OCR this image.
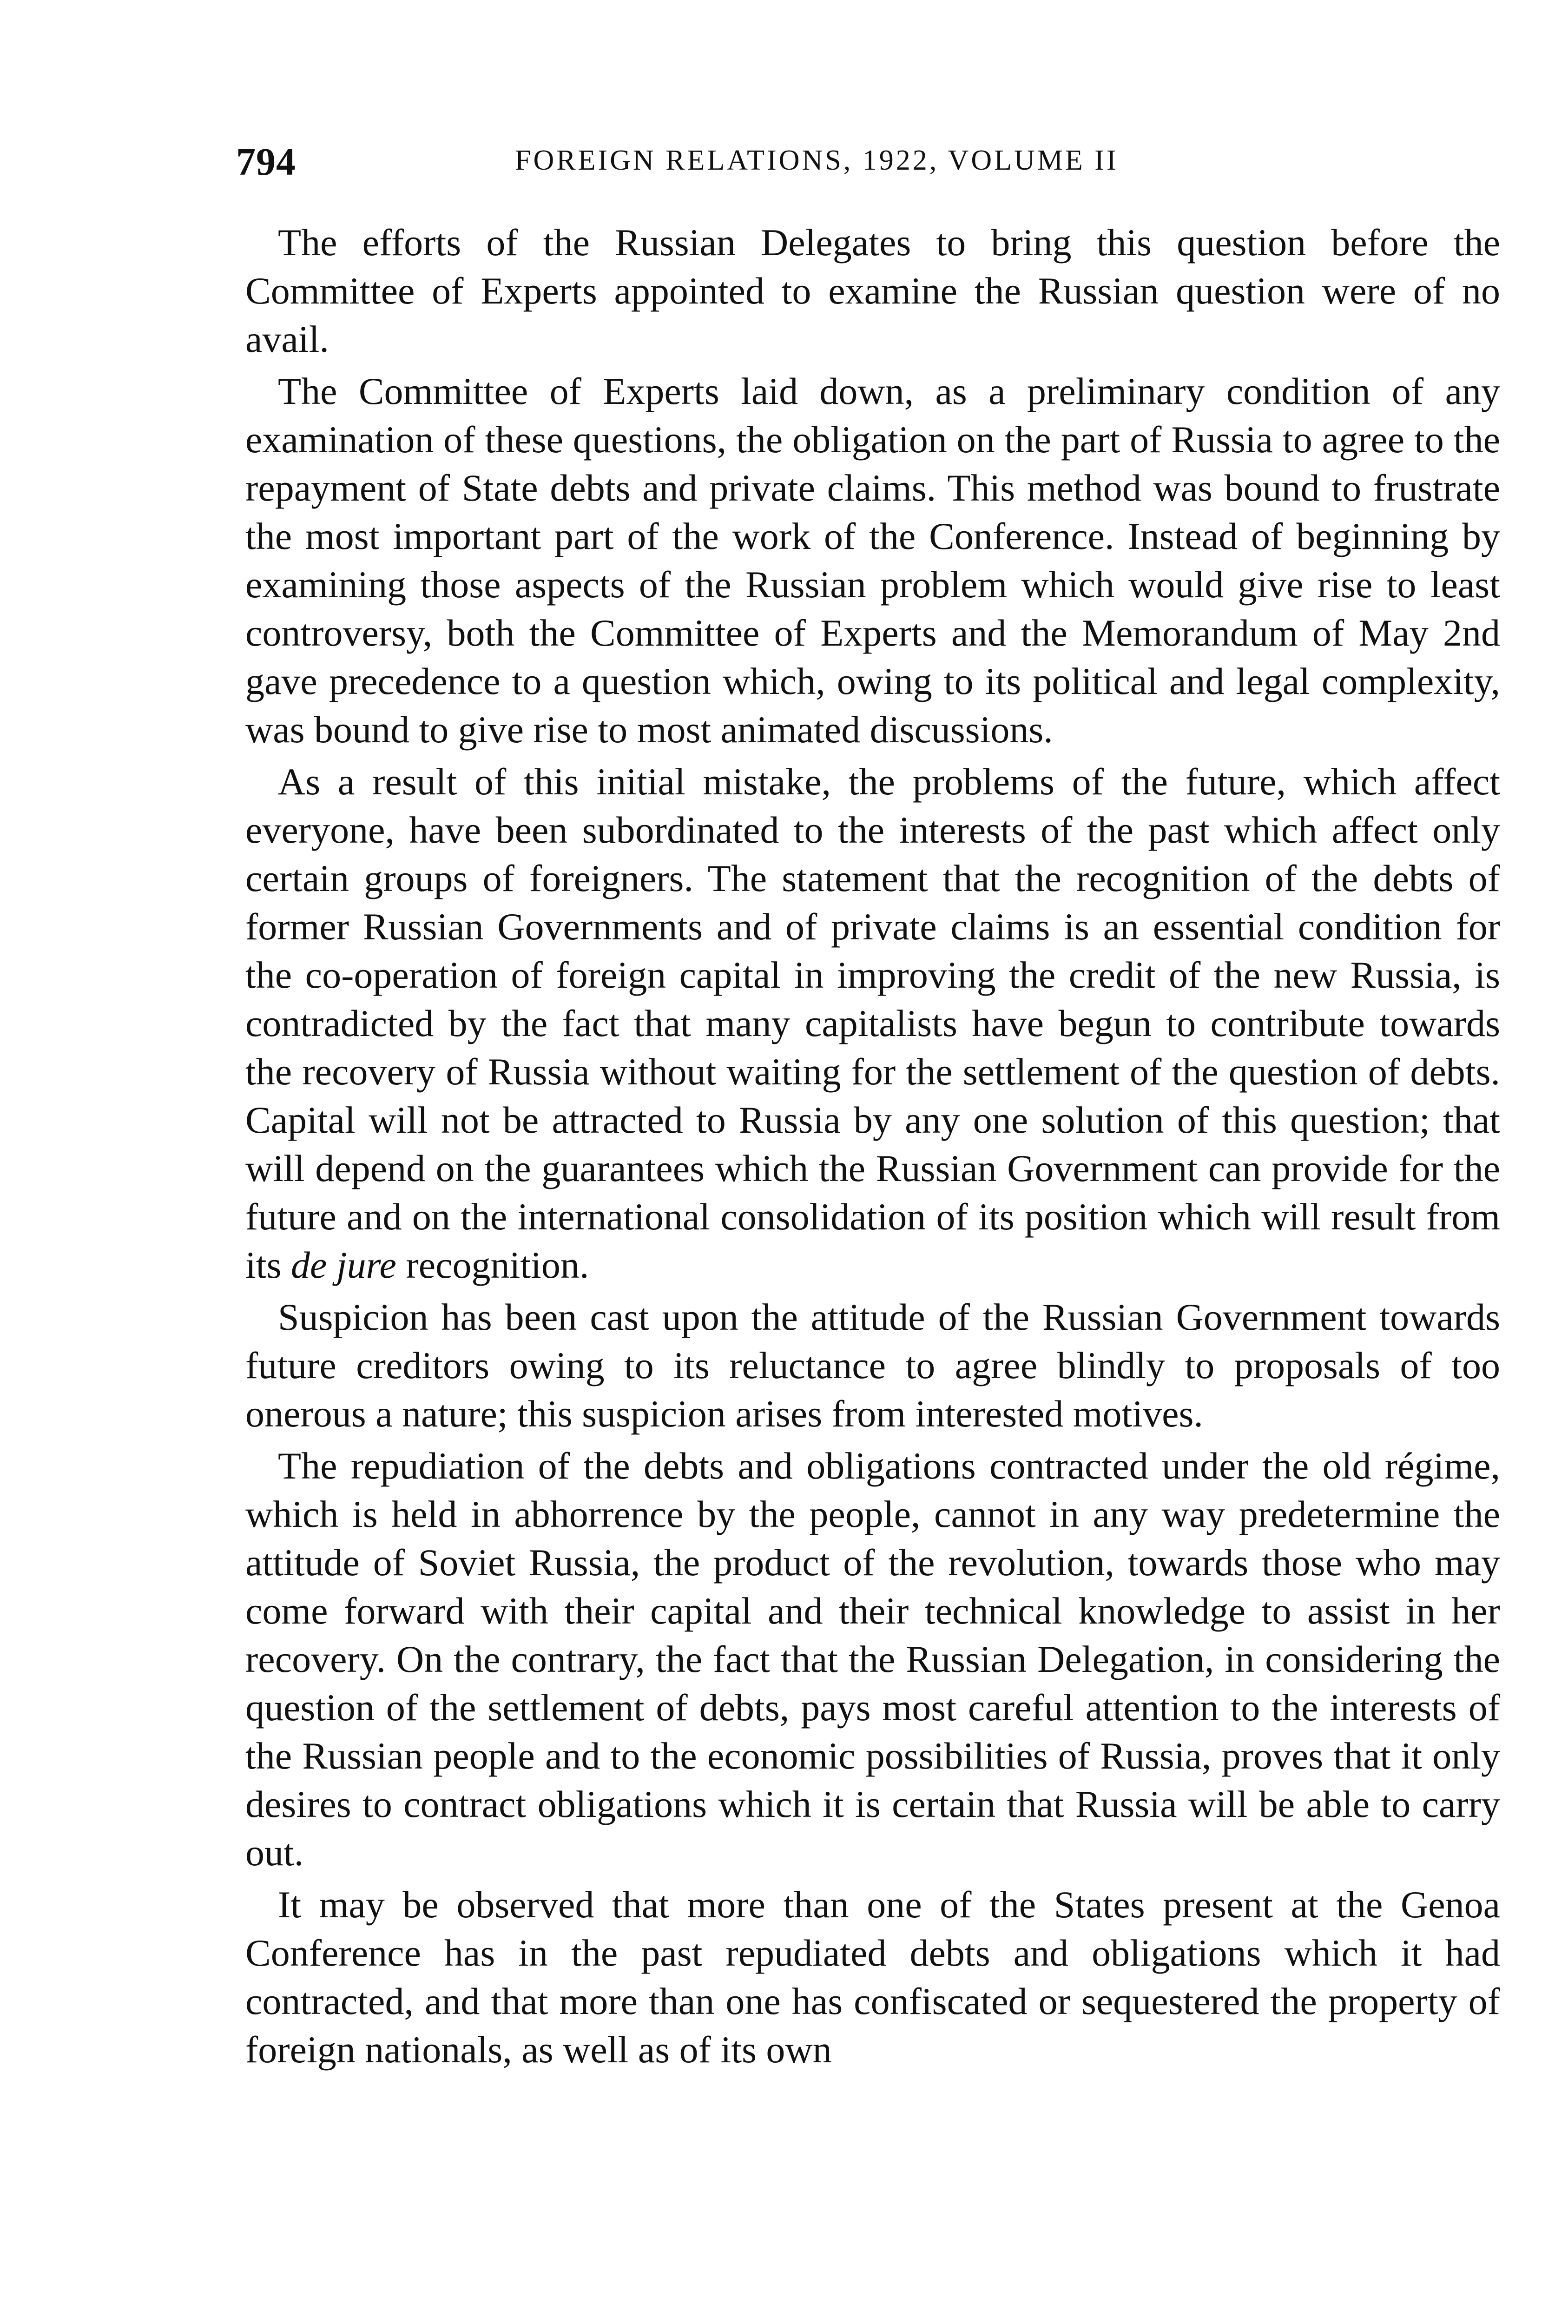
794	FOREIGN RELATIONS, 1922, VOLUME II

The efforts of the Russian Delegates to bring this question before the Committee of Experts appointed to examine the Russian question were of no avail.

The Committee of Experts laid down, as a preliminary condition of any examination of these questions, the obligation on the part of Russia to agree to the repayment of State debts and private claims. This method was bound to frustrate the most important part of the work of the Conference. Instead of beginning by examining those aspects of the Russian problem which would give rise to least controversy, both the Committee of Experts and the Memorandum of May 2nd gave precedence to a question which, owing to its political and legal complexity, was bound to give rise to most animated discussions.

As a result of this initial mistake, the problems of the future, which affect everyone, have been subordinated to the interests of the past which affect only certain groups of foreigners. The statement that the recognition of the debts of former Russian Governments and of private claims is an essential condition for the co-operation of foreign capital in improving the credit of the new Russia, is contradicted by the fact that many capitalists have begun to contribute towards the recovery of Russia without waiting for the settlement of the question of debts. Capital will not be attracted to Russia by any one solution of this question; that will depend on the guarantees which the Russian Government can provide for the future and on the international consolidation of its position which will result from its de jure recognition.

Suspicion has been cast upon the attitude of the Russian Government towards future creditors owing to its reluctance to agree blindly to proposals of too onerous a nature; this suspicion arises from interested motives.

The repudiation of the debts and obligations contracted under the old régime, which is held in abhorrence by the people, cannot in any way predetermine the attitude of Soviet Russia, the product of the revolution, towards those who may come forward with their capital and their technical knowledge to assist in her recovery. On the contrary, the fact that the Russian Delegation, in considering the question of the settlement of debts, pays most careful attention to the interests of the Russian people and to the economic possibilities of Russia, proves that it only desires to contract obligations which it is certain that Russia will be able to carry out.

It may be observed that more than one of the States present at the Genoa Conference has in the past repudiated debts and obligations which it had contracted, and that more than one has confiscated or sequestered the property of foreign nationals, as well as of its own
